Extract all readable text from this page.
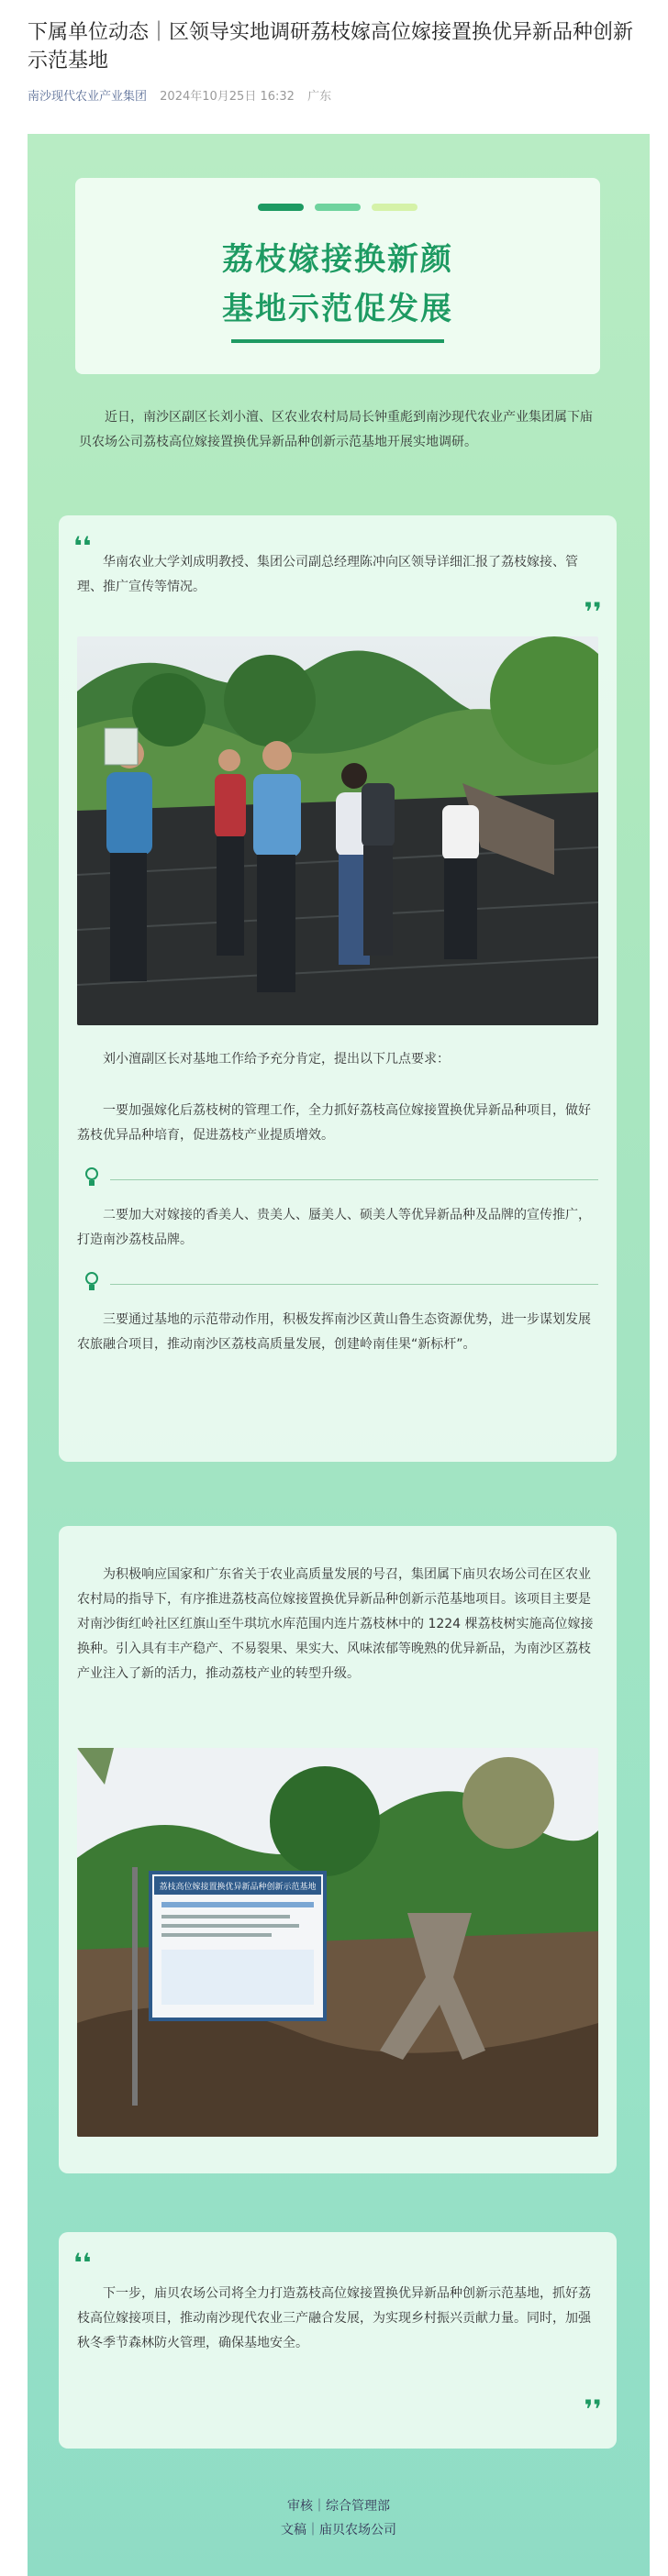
下属单位动态｜区领导实地调研荔枝嫁高位嫁接置换优异新品种创新示范基地
南沙现代农业产业集团 2024年10月25日 16:32 广东
荔枝嫁接换新颜
基地示范促发展

近日，南沙区副区长刘小澶、区农业农村局局长钟重彪到南沙现代农业产业集团属下庙贝农场公司荔枝高位嫁接置换优异新品种创新示范基地开展实地调研。

❛❛

华南农业大学刘成明教授、集团公司副总经理陈冲向区领导详细汇报了荔枝嫁接、管理、推广宣传等情况。

❜❜

刘小澶副区长对基地工作给予充分肯定，提出以下几点要求：

一要加强嫁化后荔枝树的管理工作，全力抓好荔枝高位嫁接置换优异新品种项目，做好荔枝优异品种培育，促进荔枝产业提质增效。

二要加大对嫁接的香美人、贵美人、蜃美人、硕美人等优异新品种及品牌的宣传推广，打造南沙荔枝品牌。

三要通过基地的示范带动作用，积极发挥南沙区黄山鲁生态资源优势，进一步谋划发展农旅融合项目，推动南沙区荔枝高质量发展，创建岭南佳果“新标杆”。

为积极响应国家和广东省关于农业高质量发展的号召，集团属下庙贝农场公司在区农业农村局的指导下，有序推进荔枝高位嫁接置换优异新品种创新示范基地项目。该项目主要是对南沙街红岭社区红旗山至牛琪坑水库范围内连片荔枝林中的 1224 棵荔枝树实施高位嫁接换种。引入具有丰产稳产、不易裂果、果实大、风味浓郁等晚熟的优异新品，为南沙区荔枝产业注入了新的活力，推动荔枝产业的转型升级。

荔枝高位嫁接置换优异新品种创新示范基地
❛❛

下一步，庙贝农场公司将全力打造荔枝高位嫁接置换优异新品种创新示范基地，抓好荔枝高位嫁接项目，推动南沙现代农业三产融合发展，为实现乡村振兴贡献力量。同时，加强秋冬季节森林防火管理，确保基地安全。

❜❜
审核｜综合管理部
文稿｜庙贝农场公司
